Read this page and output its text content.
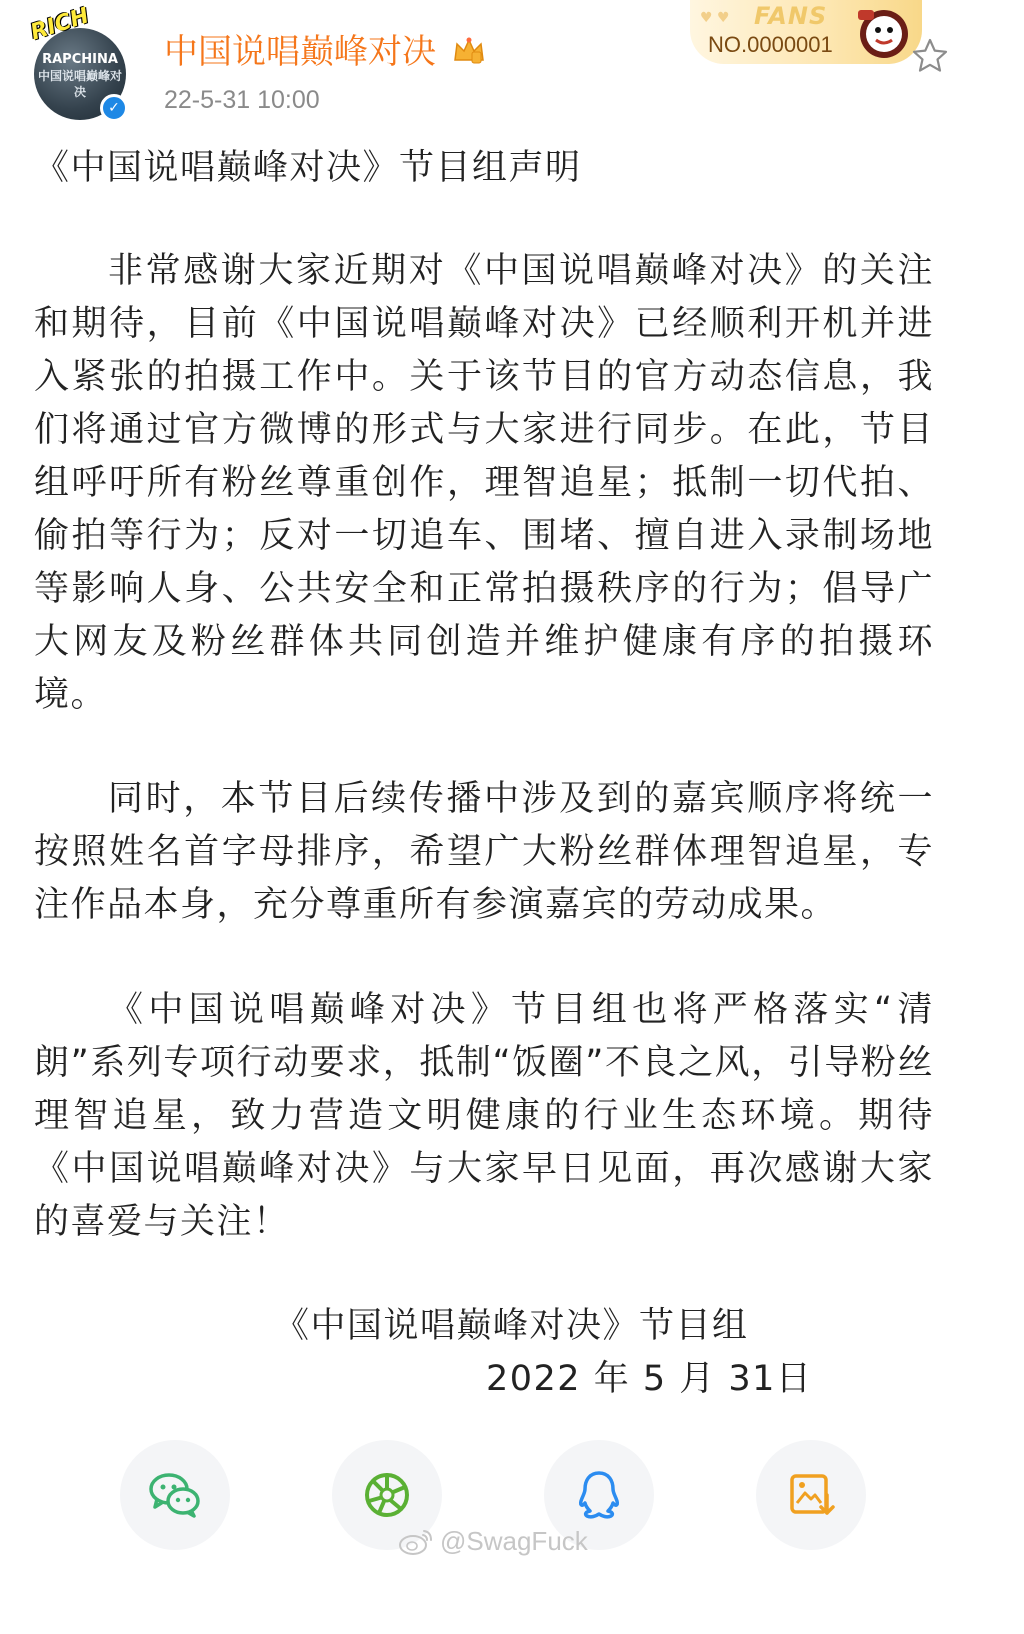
RICH
RAPCHINA
中国说唱巅峰对决
✓
中国说唱巅峰对决
22-5-31 10:00
♥ ♥ FANS
NO.0000001
《中国说唱巅峰对决》节目组声明
非常感谢大家近期对《中国说唱巅峰对决》的关注和期待，目前《中国说唱巅峰对决》已经顺利开机并进入紧张的拍摄工作中。关于该节目的官方动态信息，我们将通过官方微博的形式与大家进行同步。在此，节目组呼吁所有粉丝尊重创作，理智追星；抵制一切代拍、偷拍等行为；反对一切追车、围堵、擅自进入录制场地等影响人身、公共安全和正常拍摄秩序的行为；倡导广大网友及粉丝群体共同创造并维护健康有序的拍摄环境。
同时，本节目后续传播中涉及到的嘉宾顺序将统一按照姓名首字母排序，希望广大粉丝群体理智追星，专注作品本身，充分尊重所有参演嘉宾的劳动成果。
《中国说唱巅峰对决》节目组也将严格落实“清朗”系列专项行动要求，抵制“饭圈”不良之风，引导粉丝理智追星，致力营造文明健康的行业生态环境。期待《中国说唱巅峰对决》与大家早日见面，再次感谢大家的喜爱与关注！
《中国说唱巅峰对决》节目组
2022 年 5 月 31日
@SwagFuck
